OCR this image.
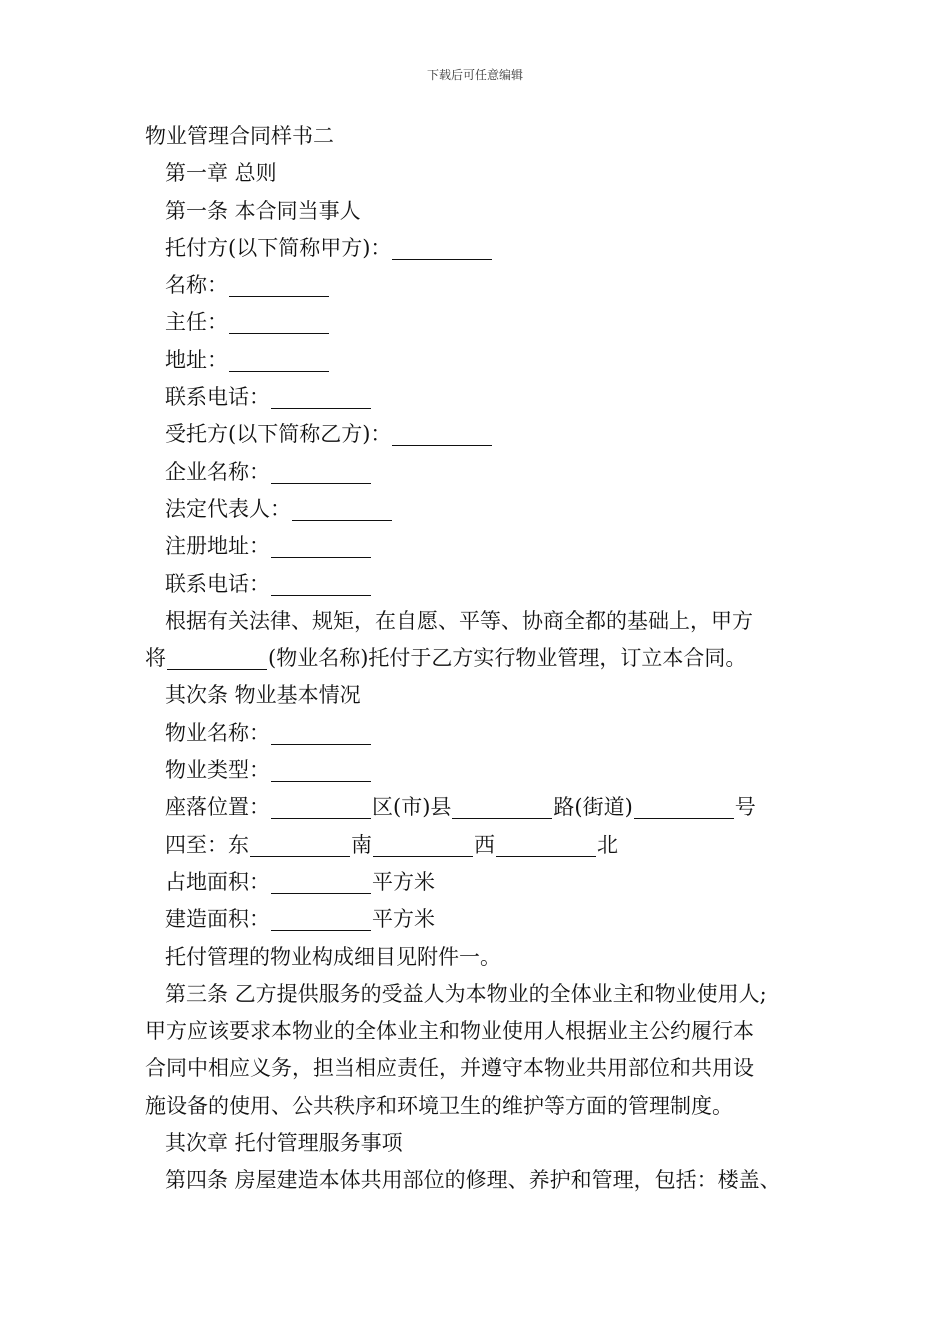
下载后可任意编辑
物业管理合同样书二
第一章 总则
第一条 本合同当事人
托付方(以下简称甲方)：
名称：
主任：
地址：
联系电话：
受托方(以下简称乙方)：
企业名称：
法定代表人：
注册地址：
联系电话：
根据有关法律、规矩，在自愿、平等、协商全都的基础上，甲方
将	(物业名称)托付于乙方实行物业管理，订立本合同。
其次条 物业基本情况
物业名称：
物业类型：
座落位置：	区(市)县	路(街道)	号
四至：东	南	西	北
占地面积：	平方米
建造面积：	平方米
托付管理的物业构成细目见附件一。
第三条 乙方提供服务的受益人为本物业的全体业主和物业使用人;
甲方应该要求本物业的全体业主和物业使用人根据业主公约履行本
合同中相应义务，担当相应责任，并遵守本物业共用部位和共用设
施设备的使用、公共秩序和环境卫生的维护等方面的管理制度。
其次章 托付管理服务事项
第四条 房屋建造本体共用部位的修理、养护和管理，包括：楼盖、
